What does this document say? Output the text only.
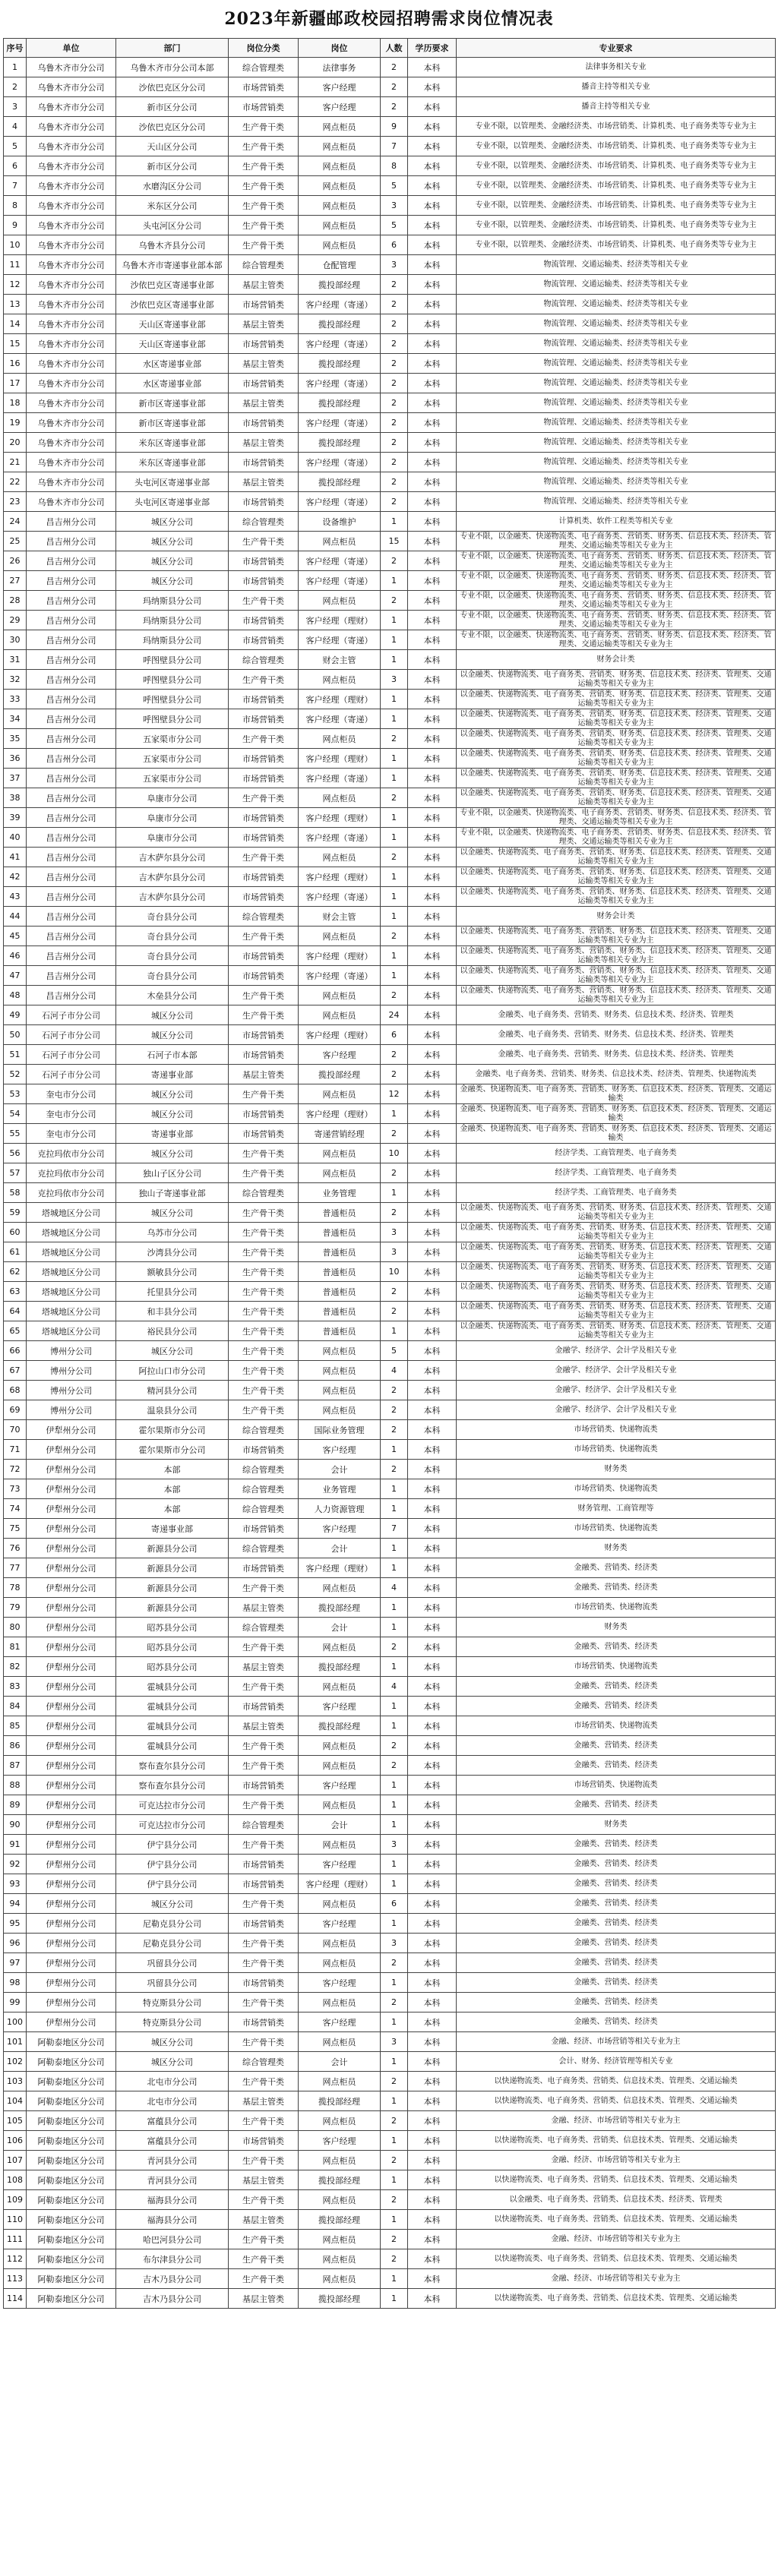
2023年新疆邮政校园招聘需求岗位情况表
序号	单位	部门	岗位分类	岗位	人数	学历要求	专业要求
1	乌鲁木齐市分公司	乌鲁木齐市分公司本部	综合管理类	法律事务	2	本科	法律事务相关专业
2	乌鲁木齐市分公司	沙依巴克区分公司	市场营销类	客户经理	2	本科	播音主持等相关专业
3	乌鲁木齐市分公司	新市区分公司	市场营销类	客户经理	2	本科	播音主持等相关专业
4	乌鲁木齐市分公司	沙依巴克区分公司	生产骨干类	网点柜员	9	本科	专业不限，以管理类、金融经济类、市场营销类、计算机类、电子商务类等专业为主
5	乌鲁木齐市分公司	天山区分公司	生产骨干类	网点柜员	7	本科	专业不限，以管理类、金融经济类、市场营销类、计算机类、电子商务类等专业为主
6	乌鲁木齐市分公司	新市区分公司	生产骨干类	网点柜员	8	本科	专业不限，以管理类、金融经济类、市场营销类、计算机类、电子商务类等专业为主
7	乌鲁木齐市分公司	水磨沟区分公司	生产骨干类	网点柜员	5	本科	专业不限，以管理类、金融经济类、市场营销类、计算机类、电子商务类等专业为主
8	乌鲁木齐市分公司	米东区分公司	生产骨干类	网点柜员	3	本科	专业不限，以管理类、金融经济类、市场营销类、计算机类、电子商务类等专业为主
9	乌鲁木齐市分公司	头屯河区分公司	生产骨干类	网点柜员	5	本科	专业不限，以管理类、金融经济类、市场营销类、计算机类、电子商务类等专业为主
10	乌鲁木齐市分公司	乌鲁木齐县分公司	生产骨干类	网点柜员	6	本科	专业不限，以管理类、金融经济类、市场营销类、计算机类、电子商务类等专业为主
11	乌鲁木齐市分公司	乌鲁木齐市寄递事业部本部	综合管理类	仓配管理	3	本科	物流管理、交通运输类、经济类等相关专业
12	乌鲁木齐市分公司	沙依巴克区寄递事业部	基层主管类	揽投部经理	2	本科	物流管理、交通运输类、经济类等相关专业
13	乌鲁木齐市分公司	沙依巴克区寄递事业部	市场营销类	客户经理（寄递）	2	本科	物流管理、交通运输类、经济类等相关专业
14	乌鲁木齐市分公司	天山区寄递事业部	基层主管类	揽投部经理	2	本科	物流管理、交通运输类、经济类等相关专业
15	乌鲁木齐市分公司	天山区寄递事业部	市场营销类	客户经理（寄递）	2	本科	物流管理、交通运输类、经济类等相关专业
16	乌鲁木齐市分公司	水区寄递事业部	基层主管类	揽投部经理	2	本科	物流管理、交通运输类、经济类等相关专业
17	乌鲁木齐市分公司	水区寄递事业部	市场营销类	客户经理（寄递）	2	本科	物流管理、交通运输类、经济类等相关专业
18	乌鲁木齐市分公司	新市区寄递事业部	基层主管类	揽投部经理	2	本科	物流管理、交通运输类、经济类等相关专业
19	乌鲁木齐市分公司	新市区寄递事业部	市场营销类	客户经理（寄递）	2	本科	物流管理、交通运输类、经济类等相关专业
20	乌鲁木齐市分公司	米东区寄递事业部	基层主管类	揽投部经理	2	本科	物流管理、交通运输类、经济类等相关专业
21	乌鲁木齐市分公司	米东区寄递事业部	市场营销类	客户经理（寄递）	2	本科	物流管理、交通运输类、经济类等相关专业
22	乌鲁木齐市分公司	头屯河区寄递事业部	基层主管类	揽投部经理	2	本科	物流管理、交通运输类、经济类等相关专业
23	乌鲁木齐市分公司	头屯河区寄递事业部	市场营销类	客户经理（寄递）	2	本科	物流管理、交通运输类、经济类等相关专业
24	昌吉州分公司	城区分公司	综合管理类	设备维护	1	本科	计算机类、软件工程类等相关专业
25	昌吉州分公司	城区分公司	生产骨干类	网点柜员	15	本科	专业不限，以金融类、快递物流类、电子商务类、营销类、财务类、信息技术类、经济类、管理类、交通运输类等相关专业为主
26	昌吉州分公司	城区分公司	市场营销类	客户经理（寄递）	2	本科	专业不限，以金融类、快递物流类、电子商务类、营销类、财务类、信息技术类、经济类、管理类、交通运输类等相关专业为主
27	昌吉州分公司	城区分公司	市场营销类	客户经理（寄递）	1	本科	专业不限，以金融类、快递物流类、电子商务类、营销类、财务类、信息技术类、经济类、管理类、交通运输类等相关专业为主
28	昌吉州分公司	玛纳斯县分公司	生产骨干类	网点柜员	2	本科	专业不限，以金融类、快递物流类、电子商务类、营销类、财务类、信息技术类、经济类、管理类、交通运输类等相关专业为主
29	昌吉州分公司	玛纳斯县分公司	市场营销类	客户经理（理财）	1	本科	专业不限，以金融类、快递物流类、电子商务类、营销类、财务类、信息技术类、经济类、管理类、交通运输类等相关专业为主
30	昌吉州分公司	玛纳斯县分公司	市场营销类	客户经理（寄递）	1	本科	专业不限，以金融类、快递物流类、电子商务类、营销类、财务类、信息技术类、经济类、管理类、交通运输类等相关专业为主
31	昌吉州分公司	呼图壁县分公司	综合管理类	财会主管	1	本科	财务会计类
32	昌吉州分公司	呼图壁县分公司	生产骨干类	网点柜员	3	本科	以金融类、快递物流类、电子商务类、营销类、财务类、信息技术类、经济类、管理类、交通运输类等相关专业为主
33	昌吉州分公司	呼图壁县分公司	市场营销类	客户经理（理财）	1	本科	以金融类、快递物流类、电子商务类、营销类、财务类、信息技术类、经济类、管理类、交通运输类等相关专业为主
34	昌吉州分公司	呼图壁县分公司	市场营销类	客户经理（寄递）	1	本科	以金融类、快递物流类、电子商务类、营销类、财务类、信息技术类、经济类、管理类、交通运输类等相关专业为主
35	昌吉州分公司	五家渠市分公司	生产骨干类	网点柜员	2	本科	以金融类、快递物流类、电子商务类、营销类、财务类、信息技术类、经济类、管理类、交通运输类等相关专业为主
36	昌吉州分公司	五家渠市分公司	市场营销类	客户经理（理财）	1	本科	以金融类、快递物流类、电子商务类、营销类、财务类、信息技术类、经济类、管理类、交通运输类等相关专业为主
37	昌吉州分公司	五家渠市分公司	市场营销类	客户经理（寄递）	1	本科	以金融类、快递物流类、电子商务类、营销类、财务类、信息技术类、经济类、管理类、交通运输类等相关专业为主
38	昌吉州分公司	阜康市分公司	生产骨干类	网点柜员	2	本科	以金融类、快递物流类、电子商务类、营销类、财务类、信息技术类、经济类、管理类、交通运输类等相关专业为主
39	昌吉州分公司	阜康市分公司	市场营销类	客户经理（理财）	1	本科	专业不限，以金融类、快递物流类、电子商务类、营销类、财务类、信息技术类、经济类、管理类、交通运输类等相关专业为主
40	昌吉州分公司	阜康市分公司	市场营销类	客户经理（寄递）	1	本科	专业不限，以金融类、快递物流类、电子商务类、营销类、财务类、信息技术类、经济类、管理类、交通运输类等相关专业为主
41	昌吉州分公司	吉木萨尔县分公司	生产骨干类	网点柜员	2	本科	以金融类、快递物流类、电子商务类、营销类、财务类、信息技术类、经济类、管理类、交通运输类等相关专业为主
42	昌吉州分公司	吉木萨尔县分公司	市场营销类	客户经理（理财）	1	本科	以金融类、快递物流类、电子商务类、营销类、财务类、信息技术类、经济类、管理类、交通运输类等相关专业为主
43	昌吉州分公司	吉木萨尔县分公司	市场营销类	客户经理（寄递）	1	本科	以金融类、快递物流类、电子商务类、营销类、财务类、信息技术类、经济类、管理类、交通运输类等相关专业为主
44	昌吉州分公司	奇台县分公司	综合管理类	财会主管	1	本科	财务会计类
45	昌吉州分公司	奇台县分公司	生产骨干类	网点柜员	2	本科	以金融类、快递物流类、电子商务类、营销类、财务类、信息技术类、经济类、管理类、交通运输类等相关专业为主
46	昌吉州分公司	奇台县分公司	市场营销类	客户经理（理财）	1	本科	以金融类、快递物流类、电子商务类、营销类、财务类、信息技术类、经济类、管理类、交通运输类等相关专业为主
47	昌吉州分公司	奇台县分公司	市场营销类	客户经理（寄递）	1	本科	以金融类、快递物流类、电子商务类、营销类、财务类、信息技术类、经济类、管理类、交通运输类等相关专业为主
48	昌吉州分公司	木垒县分公司	生产骨干类	网点柜员	2	本科	以金融类、快递物流类、电子商务类、营销类、财务类、信息技术类、经济类、管理类、交通运输类等相关专业为主
49	石河子市分公司	城区分公司	生产骨干类	网点柜员	24	本科	金融类、电子商务类、营销类、财务类、信息技术类、经济类、管理类
50	石河子市分公司	城区分公司	市场营销类	客户经理（理财）	6	本科	金融类、电子商务类、营销类、财务类、信息技术类、经济类、管理类
51	石河子市分公司	石河子市本部	市场营销类	客户经理	2	本科	金融类、电子商务类、营销类、财务类、信息技术类、经济类、管理类
52	石河子市分公司	寄递事业部	基层主管类	揽投部经理	2	本科	金融类、电子商务类、营销类、财务类、信息技术类、经济类、管理类、快递物流类
53	奎屯市分公司	城区分公司	生产骨干类	网点柜员	12	本科	金融类、快递物流类、电子商务类、营销类、财务类、信息技术类、经济类、管理类、交通运输类
54	奎屯市分公司	城区分公司	市场营销类	客户经理（理财）	1	本科	金融类、快递物流类、电子商务类、营销类、财务类、信息技术类、经济类、管理类、交通运输类
55	奎屯市分公司	寄递事业部	市场营销类	寄递营销经理	2	本科	金融类、快递物流类、电子商务类、营销类、财务类、信息技术类、经济类、管理类、交通运输类
56	克拉玛依市分公司	城区分公司	生产骨干类	网点柜员	10	本科	经济学类、工商管理类、电子商务类
57	克拉玛依市分公司	独山子区分公司	生产骨干类	网点柜员	2	本科	经济学类、工商管理类、电子商务类
58	克拉玛依市分公司	独山子寄递事业部	综合管理类	业务管理	1	本科	经济学类、工商管理类、电子商务类
59	塔城地区分公司	城区分公司	生产骨干类	普通柜员	2	本科	以金融类、快递物流类、电子商务类、营销类、财务类、信息技术类、经济类、管理类、交通运输类等相关专业为主
60	塔城地区分公司	乌苏市分公司	生产骨干类	普通柜员	3	本科	以金融类、快递物流类、电子商务类、营销类、财务类、信息技术类、经济类、管理类、交通运输类等相关专业为主
61	塔城地区分公司	沙湾县分公司	生产骨干类	普通柜员	3	本科	以金融类、快递物流类、电子商务类、营销类、财务类、信息技术类、经济类、管理类、交通运输类等相关专业为主
62	塔城地区分公司	额敏县分公司	生产骨干类	普通柜员	10	本科	以金融类、快递物流类、电子商务类、营销类、财务类、信息技术类、经济类、管理类、交通运输类等相关专业为主
63	塔城地区分公司	托里县分公司	生产骨干类	普通柜员	2	本科	以金融类、快递物流类、电子商务类、营销类、财务类、信息技术类、经济类、管理类、交通运输类等相关专业为主
64	塔城地区分公司	和丰县分公司	生产骨干类	普通柜员	2	本科	以金融类、快递物流类、电子商务类、营销类、财务类、信息技术类、经济类、管理类、交通运输类等相关专业为主
65	塔城地区分公司	裕民县分公司	生产骨干类	普通柜员	1	本科	以金融类、快递物流类、电子商务类、营销类、财务类、信息技术类、经济类、管理类、交通运输类等相关专业为主
66	博州分公司	城区分公司	生产骨干类	网点柜员	5	本科	金融学、经济学、会计学及相关专业
67	博州分公司	阿拉山口市分公司	生产骨干类	网点柜员	4	本科	金融学、经济学、会计学及相关专业
68	博州分公司	精河县分公司	生产骨干类	网点柜员	2	本科	金融学、经济学、会计学及相关专业
69	博州分公司	温泉县分公司	生产骨干类	网点柜员	2	本科	金融学、经济学、会计学及相关专业
70	伊犁州分公司	霍尔果斯市分公司	综合管理类	国际业务管理	2	本科	市场营销类、快递物流类
71	伊犁州分公司	霍尔果斯市分公司	市场营销类	客户经理	1	本科	市场营销类、快递物流类
72	伊犁州分公司	本部	综合管理类	会计	2	本科	财务类
73	伊犁州分公司	本部	综合管理类	业务管理	1	本科	市场营销类、快递物流类
74	伊犁州分公司	本部	综合管理类	人力资源管理	1	本科	财务管理、工商管理等
75	伊犁州分公司	寄递事业部	市场营销类	客户经理	7	本科	市场营销类、快递物流类
76	伊犁州分公司	新源县分公司	综合管理类	会计	1	本科	财务类
77	伊犁州分公司	新源县分公司	市场营销类	客户经理（理财）	1	本科	金融类、营销类、经济类
78	伊犁州分公司	新源县分公司	生产骨干类	网点柜员	4	本科	金融类、营销类、经济类
79	伊犁州分公司	新源县分公司	基层主管类	揽投部经理	1	本科	市场营销类、快递物流类
80	伊犁州分公司	昭苏县分公司	综合管理类	会计	1	本科	财务类
81	伊犁州分公司	昭苏县分公司	生产骨干类	网点柜员	2	本科	金融类、营销类、经济类
82	伊犁州分公司	昭苏县分公司	基层主管类	揽投部经理	1	本科	市场营销类、快递物流类
83	伊犁州分公司	霍城县分公司	生产骨干类	网点柜员	4	本科	金融类、营销类、经济类
84	伊犁州分公司	霍城县分公司	市场营销类	客户经理	1	本科	金融类、营销类、经济类
85	伊犁州分公司	霍城县分公司	基层主管类	揽投部经理	1	本科	市场营销类、快递物流类
86	伊犁州分公司	霍城县分公司	生产骨干类	网点柜员	2	本科	金融类、营销类、经济类
87	伊犁州分公司	察布查尔县分公司	生产骨干类	网点柜员	2	本科	金融类、营销类、经济类
88	伊犁州分公司	察布查尔县分公司	市场营销类	客户经理	1	本科	市场营销类、快递物流类
89	伊犁州分公司	可克达拉市分公司	生产骨干类	网点柜员	1	本科	金融类、营销类、经济类
90	伊犁州分公司	可克达拉市分公司	综合管理类	会计	1	本科	财务类
91	伊犁州分公司	伊宁县分公司	生产骨干类	网点柜员	3	本科	金融类、营销类、经济类
92	伊犁州分公司	伊宁县分公司	市场营销类	客户经理	1	本科	金融类、营销类、经济类
93	伊犁州分公司	伊宁县分公司	市场营销类	客户经理（理财）	1	本科	金融类、营销类、经济类
94	伊犁州分公司	城区分公司	生产骨干类	网点柜员	6	本科	金融类、营销类、经济类
95	伊犁州分公司	尼勒克县分公司	市场营销类	客户经理	1	本科	金融类、营销类、经济类
96	伊犁州分公司	尼勒克县分公司	生产骨干类	网点柜员	3	本科	金融类、营销类、经济类
97	伊犁州分公司	巩留县分公司	生产骨干类	网点柜员	2	本科	金融类、营销类、经济类
98	伊犁州分公司	巩留县分公司	市场营销类	客户经理	1	本科	金融类、营销类、经济类
99	伊犁州分公司	特克斯县分公司	生产骨干类	网点柜员	2	本科	金融类、营销类、经济类
100	伊犁州分公司	特克斯县分公司	市场营销类	客户经理	1	本科	金融类、营销类、经济类
101	阿勒泰地区分公司	城区分公司	生产骨干类	网点柜员	3	本科	金融、经济、市场营销等相关专业为主
102	阿勒泰地区分公司	城区分公司	综合管理类	会计	1	本科	会计、财务、经济管理等相关专业
103	阿勒泰地区分公司	北屯市分公司	生产骨干类	网点柜员	2	本科	以快递物流类、电子商务类、营销类、信息技术类、管理类、交通运输类
104	阿勒泰地区分公司	北屯市分公司	基层主管类	揽投部经理	1	本科	以快递物流类、电子商务类、营销类、信息技术类、管理类、交通运输类
105	阿勒泰地区分公司	富蕴县分公司	生产骨干类	网点柜员	2	本科	金融、经济、市场营销等相关专业为主
106	阿勒泰地区分公司	富蕴县分公司	市场营销类	客户经理	1	本科	以快递物流类、电子商务类、营销类、信息技术类、管理类、交通运输类
107	阿勒泰地区分公司	青河县分公司	生产骨干类	网点柜员	2	本科	金融、经济、市场营销等相关专业为主
108	阿勒泰地区分公司	青河县分公司	基层主管类	揽投部经理	1	本科	以快递物流类、电子商务类、营销类、信息技术类、管理类、交通运输类
109	阿勒泰地区分公司	福海县分公司	生产骨干类	网点柜员	2	本科	以金融类、电子商务类、营销类、信息技术类、经济类、管理类
110	阿勒泰地区分公司	福海县分公司	基层主管类	揽投部经理	1	本科	以快递物流类、电子商务类、营销类、信息技术类、管理类、交通运输类
111	阿勒泰地区分公司	哈巴河县分公司	生产骨干类	网点柜员	2	本科	金融、经济、市场营销等相关专业为主
112	阿勒泰地区分公司	布尔津县分公司	生产骨干类	网点柜员	2	本科	以快递物流类、电子商务类、营销类、信息技术类、管理类、交通运输类
113	阿勒泰地区分公司	吉木乃县分公司	生产骨干类	网点柜员	1	本科	金融、经济、市场营销等相关专业为主
114	阿勒泰地区分公司	吉木乃县分公司	基层主管类	揽投部经理	1	本科	以快递物流类、电子商务类、营销类、信息技术类、管理类、交通运输类
